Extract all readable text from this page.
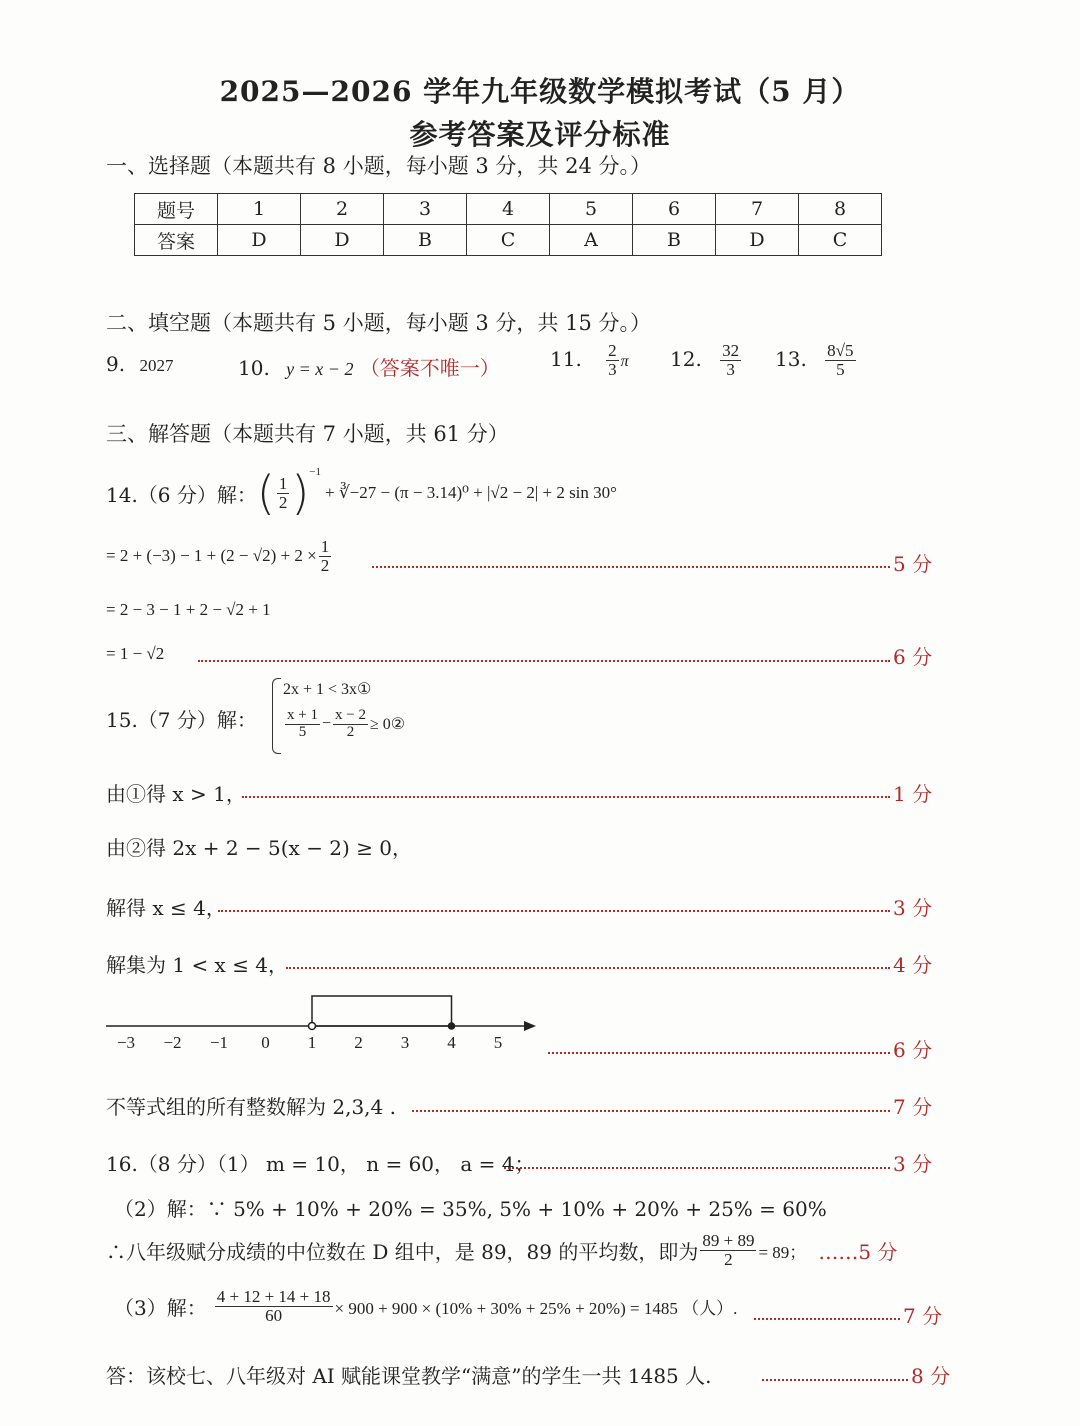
2025—2026 学年九年级数学模拟考试（5 月）
参考答案及评分标准
一、选择题（本题共有 8 小题，每小题 3 分，共 24 分。）
题号	1	2	3	4	5	6	7	8
答案	D	D	B	C	A	B	D	C
二、填空题（本题共有 5 小题，每小题 3 分，共 15 分。）
9. 2027	10. y = x − 2 （答案不唯一）	11. $\frac{2}{3}$ π 12. $\frac{32}{3} 13$. $\frac{8√5}{5}$
三、解答题（本题共有 7 小题，共 61 分）
14.（6 分）解： ( $\frac{1}{2}$ ) −1
+ ∛−27 − (π − 3.14)⁰ + |√2 − 2| + 2 sin 30°
= $2 + (-3) - 1 + (2 - √2) + 2 \times \frac{1}{2}$	5 分
= 2 − 3 − 1 + 2 − √2 + 1
= 1 − √2	6 分
15.（7 分）解：
2x + 1 < 3x①
$\frac{x + 1}{5} - \frac{x - 2}{2}$ ≥ 0②
由①得 x > 1，	1 分
由②得 2x + 2 − 5(x − 2) ≥ 0，
解得 x ≤ 4，	3 分
解集为 1 < x ≤ 4，	4 分
−3 −2 −1 0 1 2 3 4 5	6 分
不等式组的所有整数解为 2,3,4 .	7 分
16.（8 分）（1） m = 10， n = 60， a = 4；	3 分
（2）解：∵ 5% + 10% + 20% = 35%, 5% + 10% + 20% + 25% = 60%
∴八年级赋分成绩的中位数在 D 组中，是 89，89 的平均数，即为 $\frac{89 + 89}{2} = 89$； ……5 分
（3）解： $\frac{4 + 12 + 14 + 18}{60} \times 900 + 900 \times (10\% + 30\% + 25\% + 20\%) = 1485$ （人）.	7 分
答：该校七、八年级对 AI 赋能课堂教学“满意”的学生一共 1485 人.	8 分
